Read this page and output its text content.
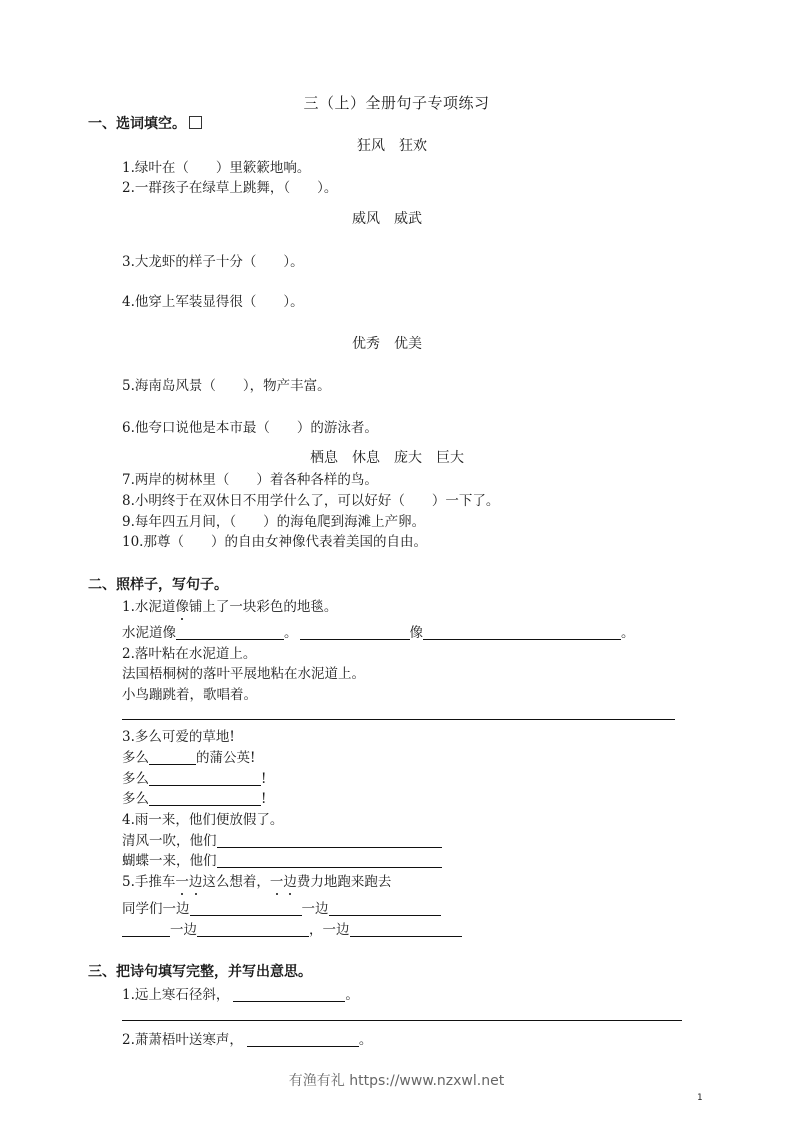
三（上）全册句子专项练习
一、选词填空。
狂风　狂欢
1.绿叶在（　　）里簌簌地响。
2.一群孩子在绿草上跳舞，（　　）。
威风　威武
3.大龙虾的样子十分（　　）。
4.他穿上军装显得很（　　）。
优秀　优美
5.海南岛风景（　　），物产丰富。
6.他夸口说他是本市最（　　）的游泳者。
栖息　休息　庞大　巨大
7.两岸的树林里（　　）着各种各样的鸟。
8.小明终于在双休日不用学什么了，可以好好（　　）一下了。
9.每年四五月间，（　　）的海龟爬到海滩上产卵。
10.那尊（　　）的自由女神像代表着美国的自由。
二、照样子，写句子。
1.水泥道像铺上了一块彩色的地毯。
水泥道像	。	像	。
2.落叶粘在水泥道上。
法国梧桐树的落叶平展地粘在水泥道上。
小鸟蹦跳着，歌唱着。
3.多么可爱的草地!
多么	的蒲公英!
多么	!
多么	!
4.雨一来，他们便放假了。
清风一吹，他们
蝴蝶一来，他们
5.手推车一边这么想着，一边费力地跑来跑去
同学们一边	一边
一边	，一边
三、把诗句填写完整，并写出意思。
1.远上寒石径斜，	。
2.萧萧梧叶送寒声，	。
有渔有礼 https://www.nzxwl.net
1
